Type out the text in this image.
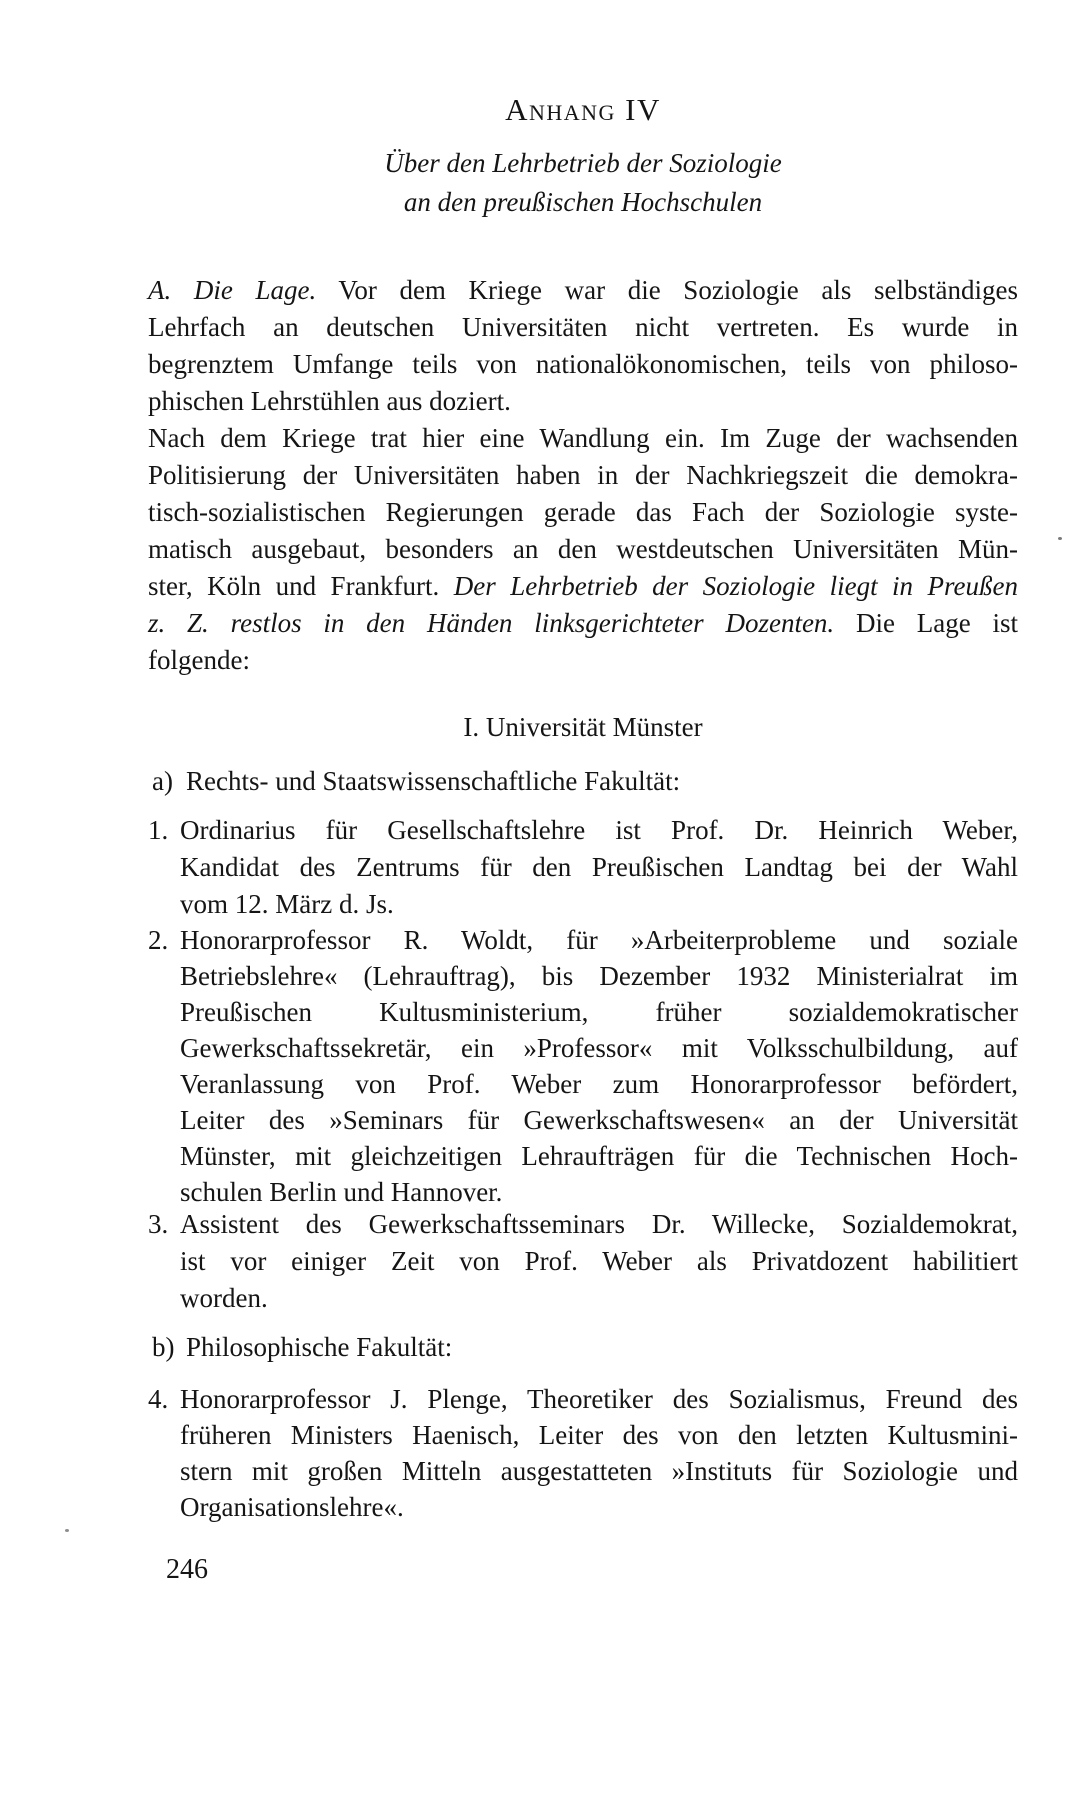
Anhang IV
Über den Lehrbetrieb der Soziologie
an den preußischen Hochschulen
A. Die Lage. Vor dem Kriege war die Soziologie als selbständiges
Lehrfach an deutschen Universitäten nicht vertreten. Es wurde in
begrenztem Umfange teils von nationalökonomischen, teils von philoso-
phischen Lehrstühlen aus doziert.
Nach dem Kriege trat hier eine Wandlung ein. Im Zuge der wachsenden
Politisierung der Universitäten haben in der Nachkriegszeit die demokra-
tisch-sozialistischen Regierungen gerade das Fach der Soziologie syste-
matisch ausgebaut, besonders an den westdeutschen Universitäten Mün-
ster, Köln und Frankfurt. Der Lehrbetrieb der Soziologie liegt in Preußen
z. Z. restlos in den Händen linksgerichteter Dozenten. Die Lage ist
folgende:
I. Universität Münster
a) Rechts- und Staatswissenschaftliche Fakultät:
1. Ordinarius für Gesellschaftslehre ist Prof. Dr. Heinrich Weber,
Kandidat des Zentrums für den Preußischen Landtag bei der Wahl
vom 12. März d. Js.
2. Honorarprofessor R. Woldt, für »Arbeiterprobleme und soziale
Betriebslehre« (Lehrauftrag), bis Dezember 1932 Ministerialrat im
Preußischen Kultusministerium, früher sozialdemokratischer
Gewerkschaftssekretär, ein »Professor« mit Volksschulbildung, auf
Veranlassung von Prof. Weber zum Honorarprofessor befördert,
Leiter des »Seminars für Gewerkschaftswesen« an der Universität
Münster, mit gleichzeitigen Lehraufträgen für die Technischen Hoch-
schulen Berlin und Hannover.
3. Assistent des Gewerkschaftsseminars Dr. Willecke, Sozialdemokrat,
ist vor einiger Zeit von Prof. Weber als Privatdozent habilitiert
worden.
b) Philosophische Fakultät:
4. Honorarprofessor J. Plenge, Theoretiker des Sozialismus, Freund des
früheren Ministers Haenisch, Leiter des von den letzten Kultusmini-
stern mit großen Mitteln ausgestatteten »Instituts für Soziologie und
Organisationslehre«.
246
